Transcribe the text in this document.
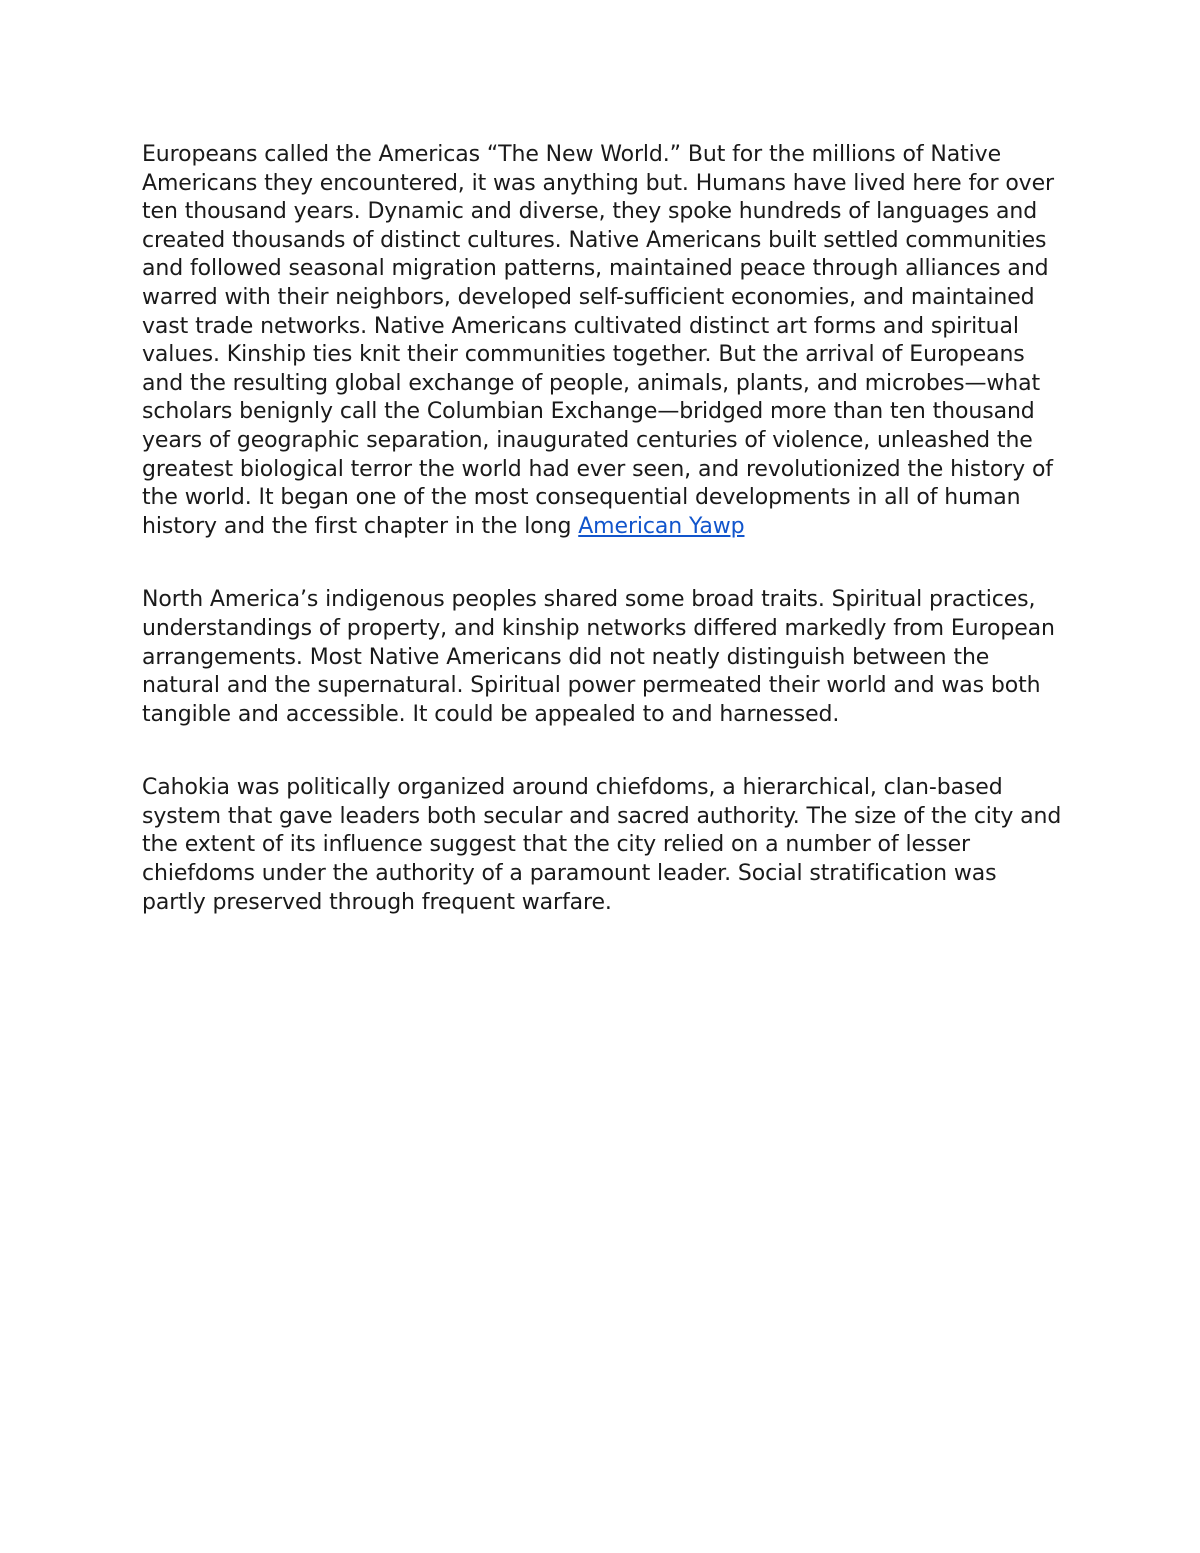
Europeans called the Americas “The New World.” But for the millions of Native Americans they encountered, it was anything but. Humans have lived here for over ten thousand years. Dynamic and diverse, they spoke hundreds of languages and created thousands of distinct cultures. Native Americans built settled communities and followed seasonal migration patterns, maintained peace through alliances and warred with their neighbors, developed self-sufficient economies, and maintained vast trade networks. Native Americans cultivated distinct art forms and spiritual values. Kinship ties knit their communities together. But the arrival of Europeans and the resulting global exchange of people, animals, plants, and microbes—what scholars benignly call the Columbian Exchange—bridged more than ten thousand years of geographic separation, inaugurated centuries of violence, unleashed the greatest biological terror the world had ever seen, and revolutionized the history of the world. It began one of the most consequential developments in all of human history and the first chapter in the long American Yawp

North America’s indigenous peoples shared some broad traits. Spiritual practices, understandings of property, and kinship networks differed markedly from European arrangements. Most Native Americans did not neatly distinguish between the natural and the supernatural. Spiritual power permeated their world and was both tangible and accessible. It could be appealed to and harnessed.

Cahokia was politically organized around chiefdoms, a hierarchical, clan-based system that gave leaders both secular and sacred authority. The size of the city and the extent of its influence suggest that the city relied on a number of lesser chiefdoms under the authority of a paramount leader. Social stratification was partly preserved through frequent warfare.
